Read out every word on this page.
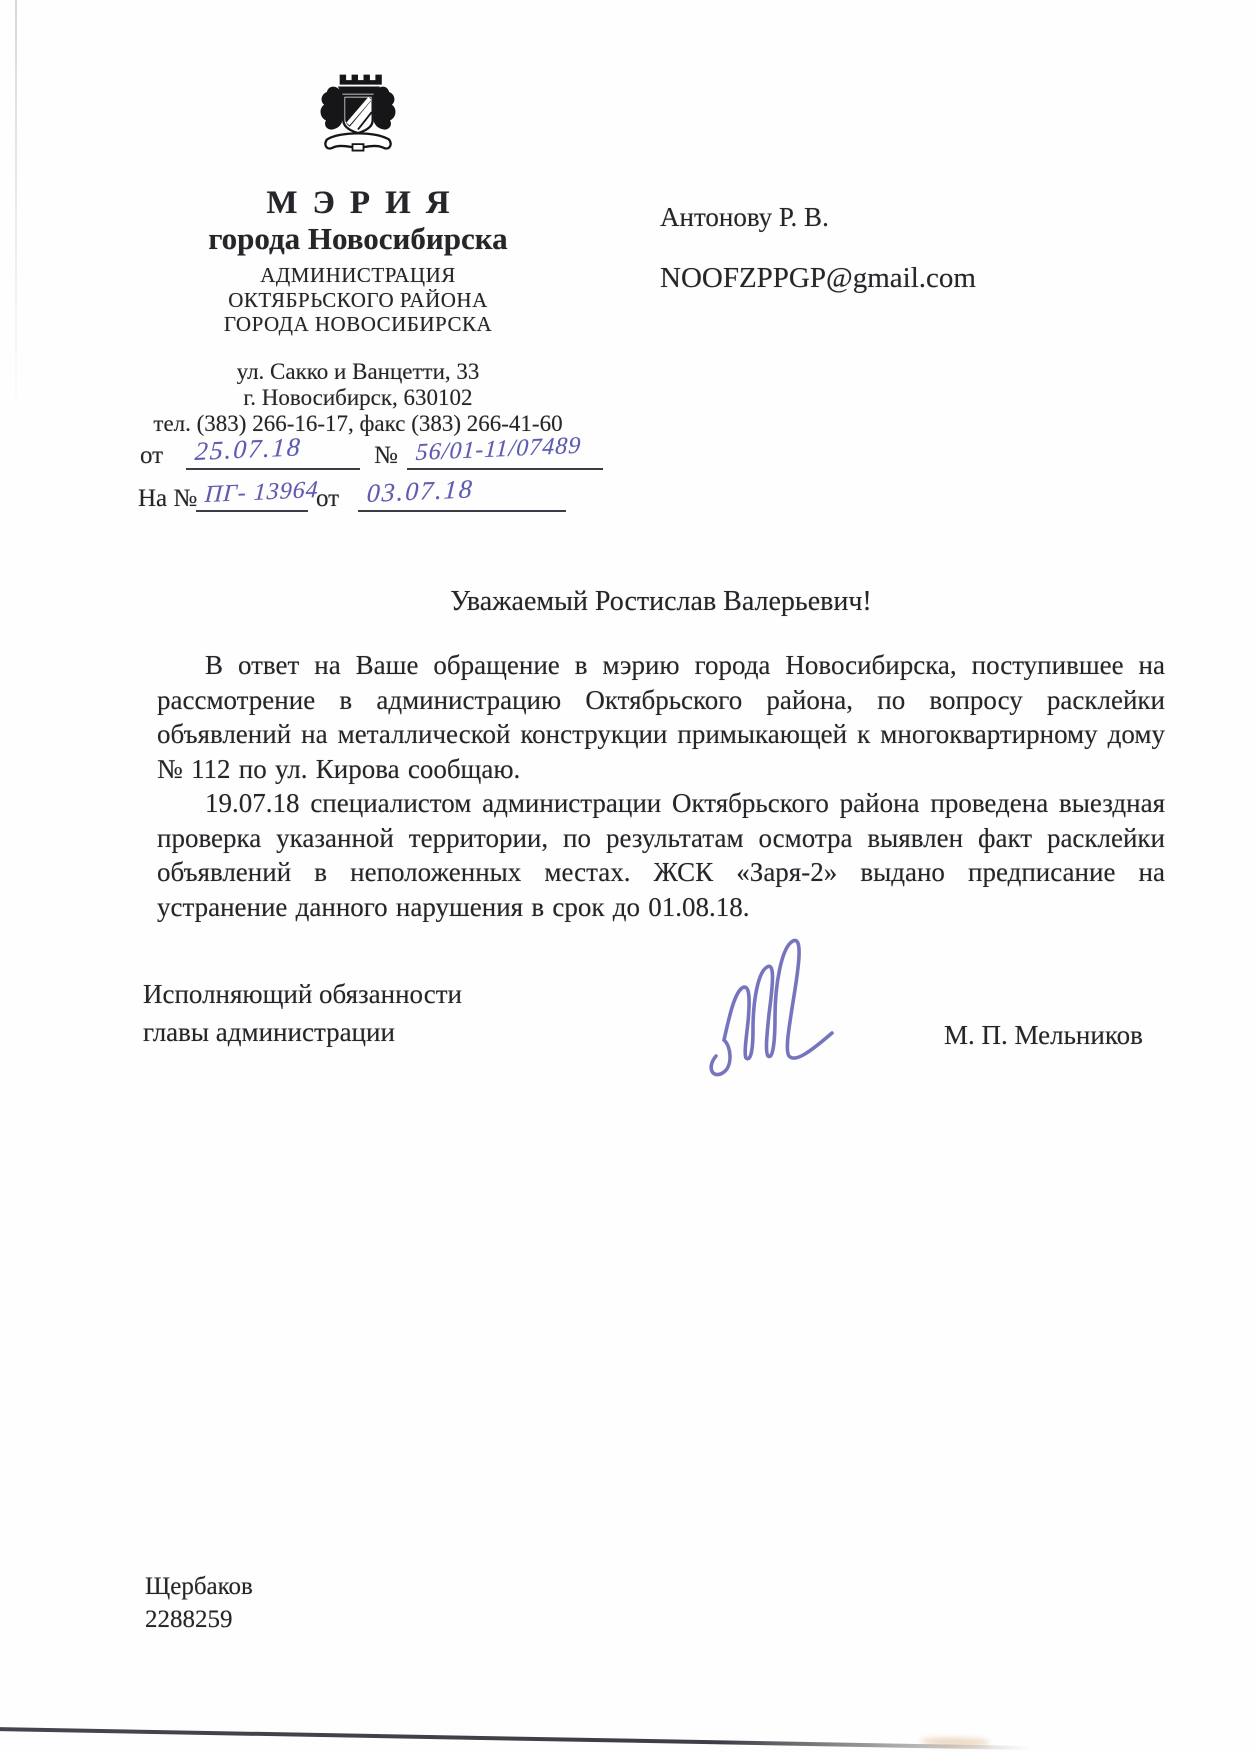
МЭРИЯ
города Новосибирска
АДМИНИСТРАЦИЯ
ОКТЯБРЬСКОГО РАЙОНА
ГОРОДА НОВОСИБИРСКА
ул. Сакко и Ванцетти, 33
г. Новосибирск, 630102
тел. (383) 266-16-17, факс (383) 266-41-60
от 25.07.18	№ 56/01-11/07489
На № ПГ- 13964
от 03.07.18
Антонову Р. В.
NOOFZPPGP@gmail.com
Уважаемый Ростислав Валерьевич!

В ответ на Ваше обращение в мэрию города Новосибирска, поступившее на рассмотрение в администрацию Октябрьского района, по вопросу расклейки объявлений на металлической конструкции примыкающей к многоквартирному дому № 112 по ул. Кирова сообщаю.

19.07.18 специалистом администрации Октябрьского района проведена выездная проверка указанной территории, по результатам осмотра выявлен факт расклейки объявлений в неположенных местах. ЖСК «Заря-2» выдано предписание на устранение данного нарушения в срок до 01.08.18.

Исполняющий обязанности
главы администрации	М. П. Мельников
Щербаков
2288259
